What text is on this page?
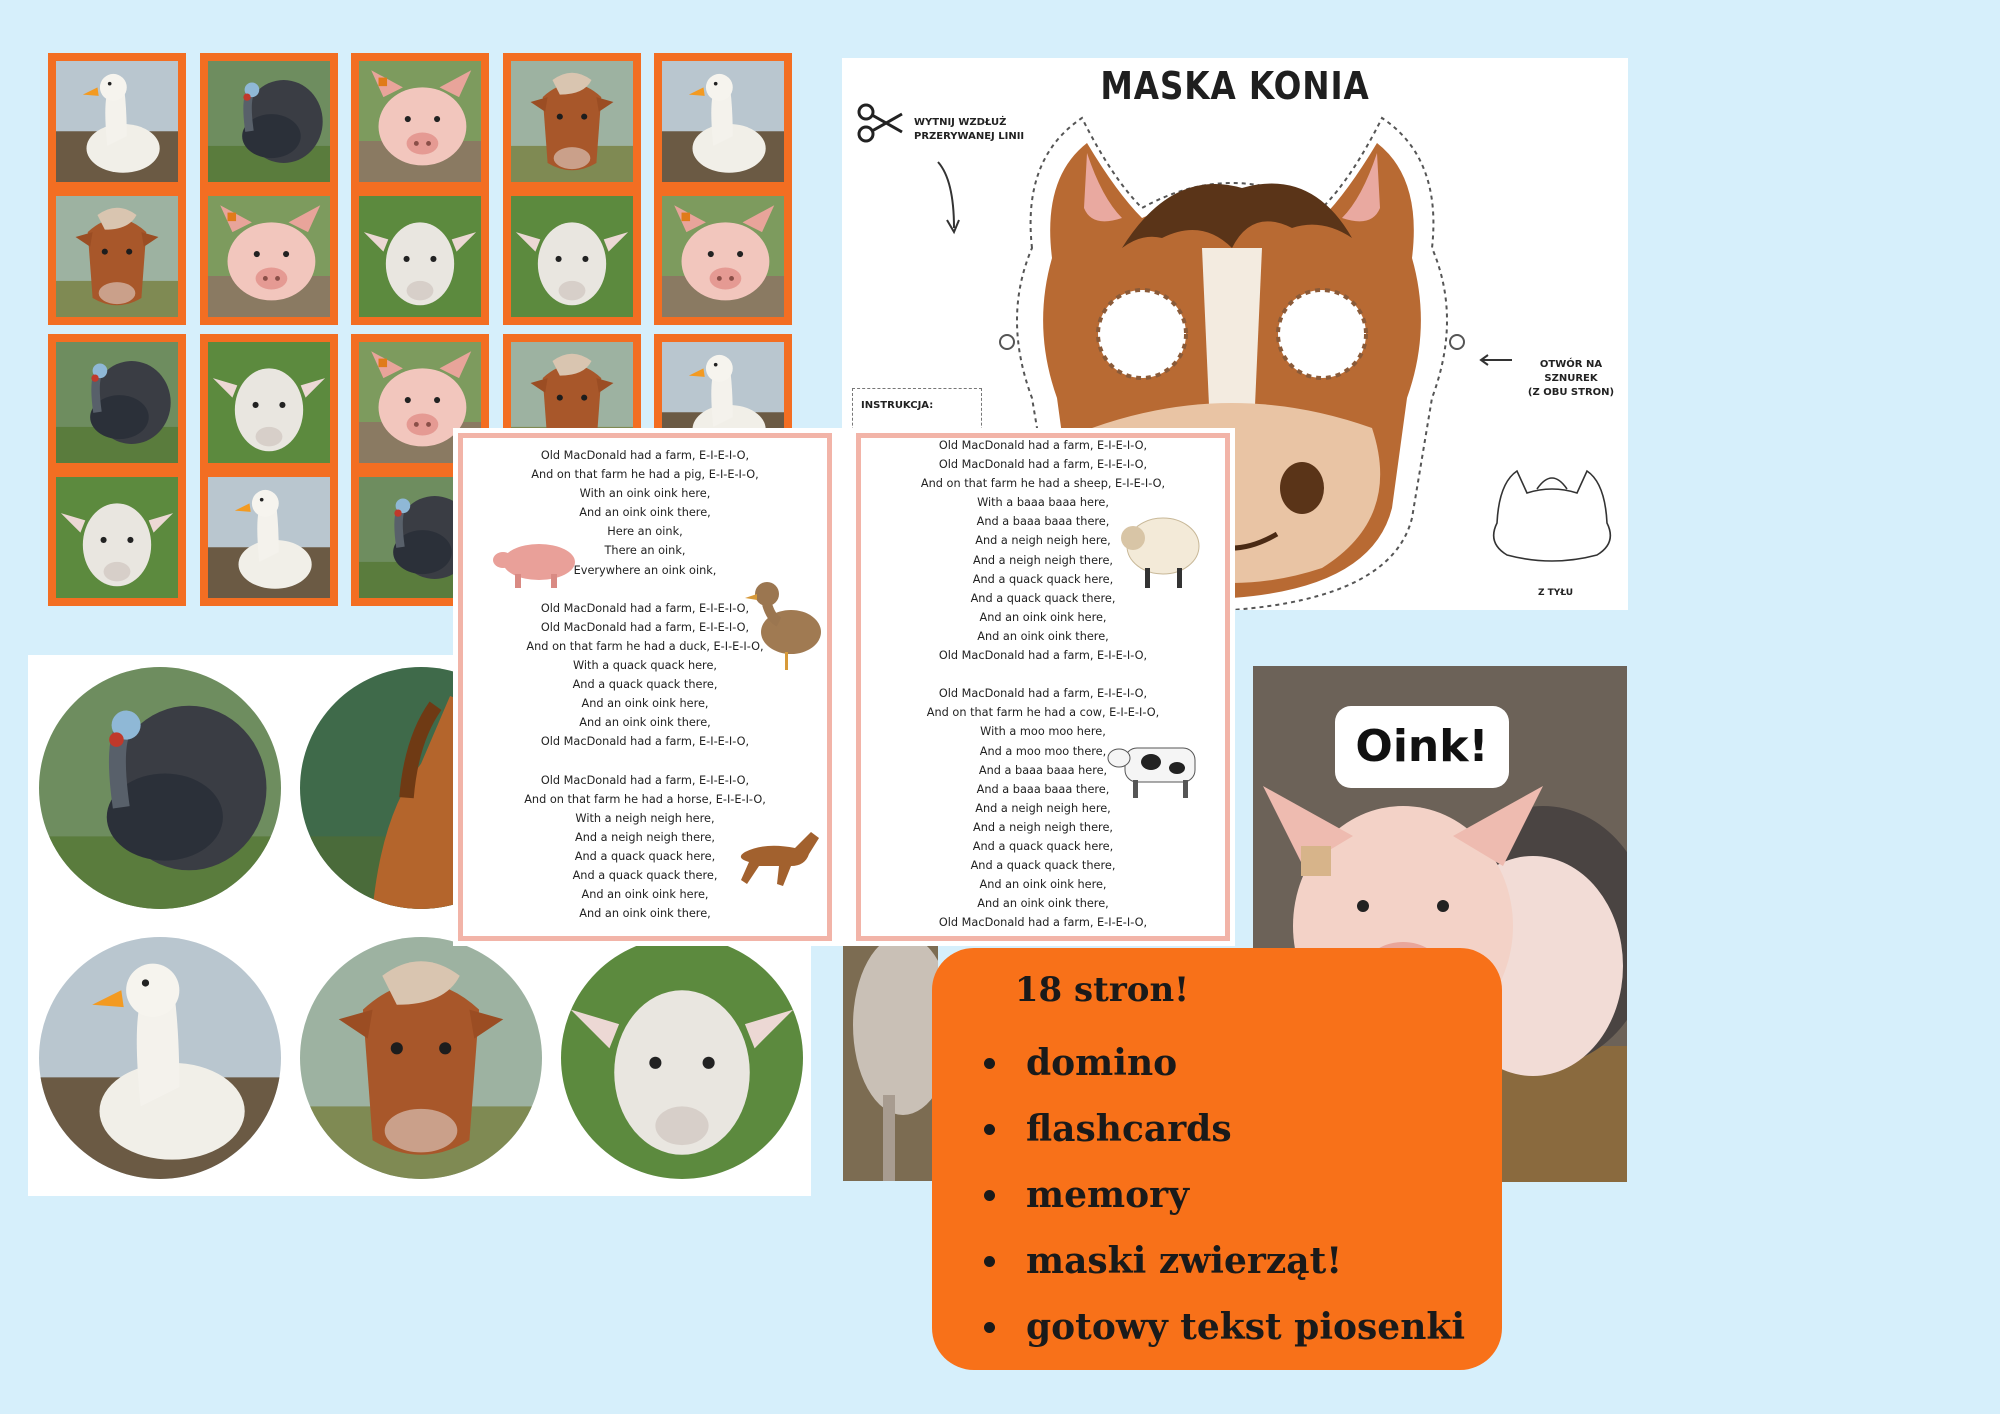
MASKA KONIA
WYTNIJ WZDŁUŻ
PRZERYWANEJ LINII
OTWÓR NA SZNUREK
(Z OBU STRON)
INSTRUKCJA:
Z TYŁU
Oink!
Old MacDonald had a farm, E-I-E-I-O,
And on that farm he had a pig, E-I-E-I-O,
With an oink oink here,
And an oink oink there,
Here an oink,
There an oink,
Everywhere an oink oink,
Old MacDonald had a farm, E-I-E-I-O,
Old MacDonald had a farm, E-I-E-I-O,
And on that farm he had a duck, E-I-E-I-O,
With a quack quack here,
And a quack quack there,
And an oink oink here,
And an oink oink there,
Old MacDonald had a farm, E-I-E-I-O,
Old MacDonald had a farm, E-I-E-I-O,
And on that farm he had a horse, E-I-E-I-O,
With a neigh neigh here,
And a neigh neigh there,
And a quack quack here,
And a quack quack there,
And an oink oink here,
And an oink oink there,
Old MacDonald had a farm, E-I-E-I-O,
Old MacDonald had a farm, E-I-E-I-O,
And on that farm he had a sheep, E-I-E-I-O,
With a baaa baaa here,
And a baaa baaa there,
And a neigh neigh here,
And a neigh neigh there,
And a quack quack here,
And a quack quack there,
And an oink oink here,
And an oink oink there,
Old MacDonald had a farm, E-I-E-I-O,
Old MacDonald had a farm, E-I-E-I-O,
And on that farm he had a cow, E-I-E-I-O,
With a moo moo here,
And a moo moo there,
And a baaa baaa here,
And a baaa baaa there,
And a neigh neigh here,
And a neigh neigh there,
And a quack quack here,
And a quack quack there,
And an oink oink here,
And an oink oink there,
Old MacDonald had a farm, E-I-E-I-O,
18 stron!
domino
flashcards
memory
maski zwierząt!
gotowy tekst piosenki
